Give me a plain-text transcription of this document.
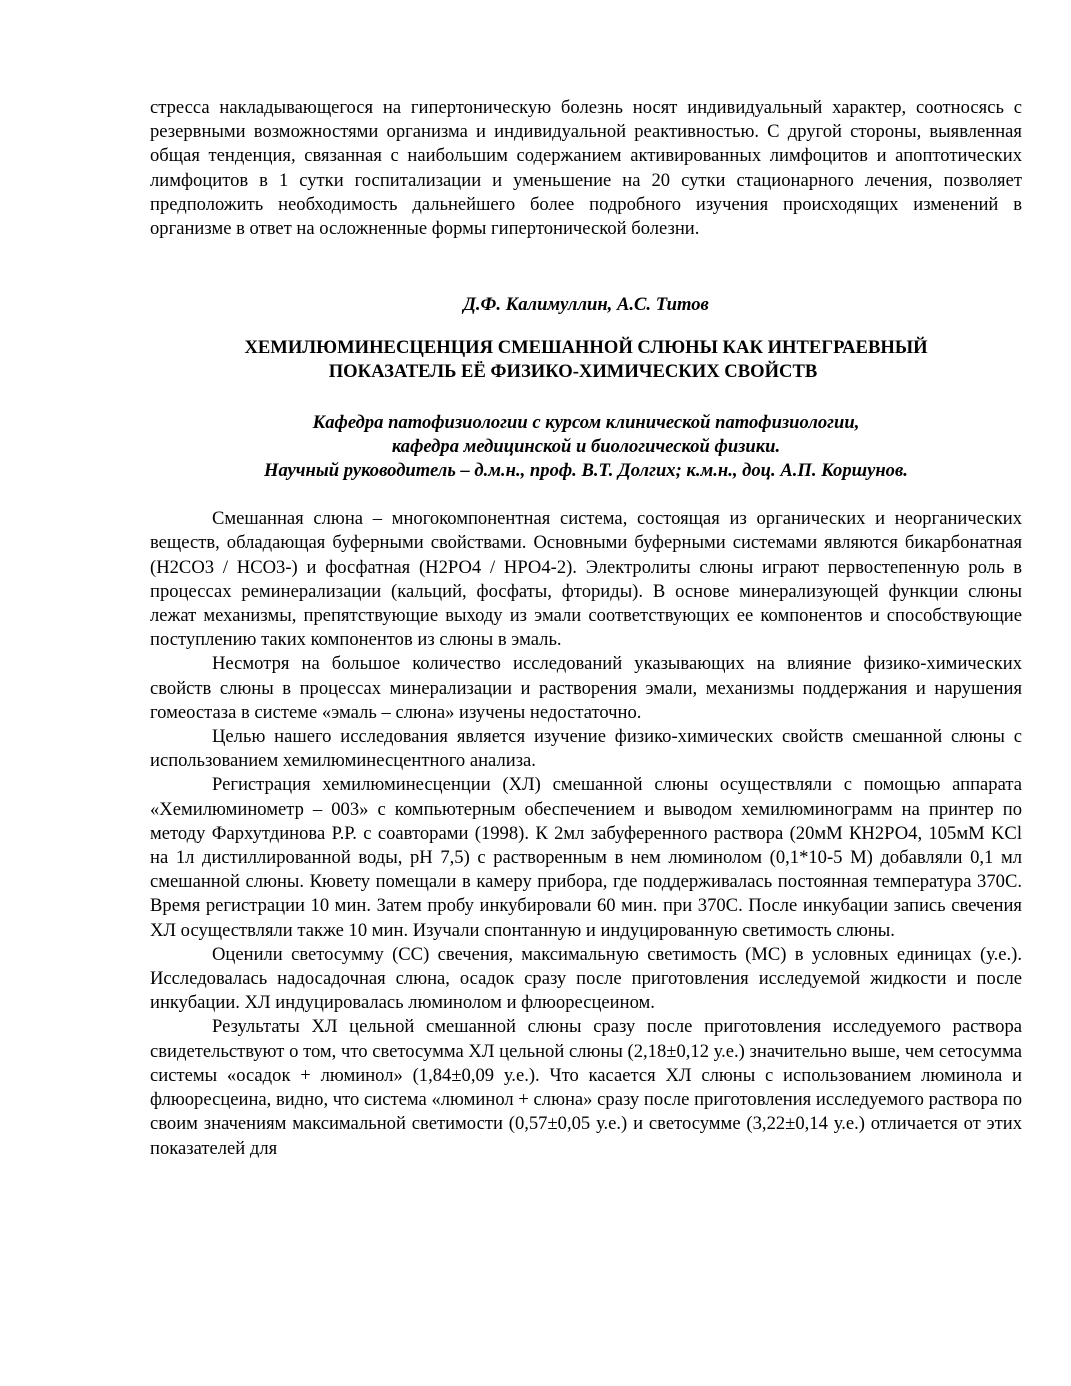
стресса накладывающегося на гипертоническую болезнь носят индивидуальный характер, соотносясь с резервными возможностями организма и индивидуальной реактивностью. С другой стороны, выявленная общая тенденция, связанная с наибольшим содержанием активированных лимфоцитов и апоптотических лимфоцитов в 1 сутки госпитализации и уменьшение на 20 сутки стационарного лечения, позволяет предположить необходимость дальнейшего более подробного изучения происходящих изменений в организме в ответ на осложненные формы гипертонической болезни.

Д.Ф. Калимуллин, А.С. Титов
ХЕМИЛЮМИНЕСЦЕНЦИЯ СМЕШАННОЙ СЛЮНЫ КАК ИНТЕГРАЕВНЫЙ
ПОКАЗАТЕЛЬ ЕЁ ФИЗИКО-ХИМИЧЕСКИХ СВОЙСТВ
Кафедра патофизиологии с курсом клинической патофизиологии,
кафедра медицинской и биологической физики.
Научный руководитель – д.м.н., проф. В.Т. Долгих; к.м.н., доц. А.П. Коршунов.

Смешанная слюна – многокомпонентная система, состоящая из органических и неорганических веществ, обладающая буферными свойствами. Основными буферными системами являются бикарбонатная (Н2СО3 / НСО3-) и фосфатная (Н2РО4 / НРО4-2). Электролиты слюны играют первостепенную роль в процессах реминерализации (кальций, фосфаты, фториды). В основе минерализующей функции слюны лежат механизмы, препятствующие выходу из эмали соответствующих ее компонентов и способствующие поступлению таких компонентов из слюны в эмаль.

Несмотря на большое количество исследований указывающих на влияние физико-химических свойств слюны в процессах минерализации и растворения эмали, механизмы поддержания и нарушения гомеостаза в системе «эмаль – слюна» изучены недостаточно.

Целью нашего исследования является изучение физико-химических свойств смешанной слюны с использованием хемилюминесцентного анализа.

Регистрация хемилюминесценции (ХЛ) смешанной слюны осуществляли с помощью аппарата «Хемилюминометр – 003» с компьютерным обеспечением и выводом хемилюминограмм на принтер по методу Фархутдинова Р.Р. с соавторами (1998). К 2мл забуференного раствора (20мМ КН2РО4, 105мМ KCl на 1л дистиллированной воды, рН 7,5) с растворенным в нем люминолом (0,1*10-5 М) добавляли 0,1 мл смешанной слюны. Кювету помещали в камеру прибора, где поддерживалась постоянная температура 370С. Время регистрации 10 мин. Затем пробу инкубировали 60 мин. при 370С. После инкубации запись свечения ХЛ осуществляли также 10 мин. Изучали спонтанную и индуцированную светимость слюны.

Оценили светосумму (СС) свечения, максимальную светимость (МС) в условных единицах (у.е.). Исследовалась надосадочная слюна, осадок сразу после приготовления исследуемой жидкости и после инкубации. ХЛ индуцировалась люминолом и флюоресцеином.

Результаты ХЛ цельной смешанной слюны сразу после приготовления исследуемого раствора свидетельствуют о том, что светосумма ХЛ цельной слюны (2,18±0,12 у.е.) значительно выше, чем сетосумма системы «осадок + люминол» (1,84±0,09 у.е.). Что касается ХЛ слюны с использованием люминола и флюоресцеина, видно, что система «люминол + слюна» сразу после приготовления исследуемого раствора по своим значениям максимальной светимости (0,57±0,05 у.е.) и светосумме (3,22±0,14 у.е.) отличается от этих показателей для
